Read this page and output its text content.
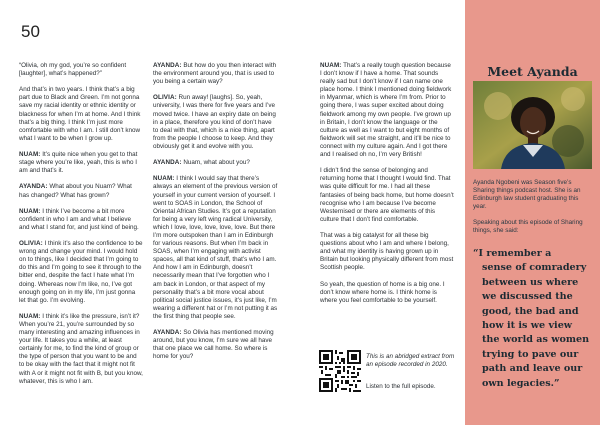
50

“Olivia, oh my god, you’re so confident [laughter], what’s happened?”

And that’s in two years. I think that’s a big part due to Black and Green. I’m not gonna save my racial identity or ethnic identity or blackness for when I’m at home. And I think that’s a big thing. I think I’m just more comfortable with who I am. I still don’t know what I want to be when I grow up.

NUAM: It’s quite nice when you get to that stage where you’re like, yeah, this is who I am and that’s it.

AYANDA: What about you Nuam? What has changed? What has grown?

NUAM: I think I’ve become a bit more confident in who I am and what I believe and what I stand for, and just kind of being.

OLIVIA: I think it’s also the confidence to be wrong and change your mind. I would hold on to things, like I decided that I’m going to do this and I’m going to see it through to the bitter end, despite the fact I hate what I’m doing. Whereas now I’m like, no, I’ve got enough going on in my life, I’m just gonna let that go. I’m evolving.

NUAM: I think it’s like the pressure, isn’t it? When you’re 21, you’re surrounded by so many interesting and amazing influences in your life. It takes you a while, at least certainly for me, to find the kind of group or the type of person that you want to be and to be okay with the fact that it might not fit with A or it might not fit with B, but you know, whatever, this is who I am.

AYANDA: But how do you then interact with the environment around you, that is used to you being a certain way?

OLIVIA: Run away! [laughs]. So, yeah, university, I was there for five years and I’ve moved twice. I have an expiry date on being in a place, therefore you kind of don’t have to deal with that, which is a nice thing, apart from the people I choose to keep. And they obviously get it and evolve with you.

AYANDA: Nuam, what about you?

NUAM: I think I would say that there’s always an element of the previous version of yourself in your current version of yourself. I went to SOAS in London, the School of Oriental African Studies. It’s got a reputation for being a very left wing radical University, which I love, love, love, love, love. But there I’m more outspoken than I am in Edinburgh for various reasons. But when I’m back in SOAS, when I’m engaging with activist spaces, all that kind of stuff, that’s who I am. And how I am in Edinburgh, doesn’t necessarily mean that I’ve forgotten who I am back in London, or that aspect of my personality that’s a bit more vocal about political social justice issues, it’s just like, I’m wearing a different hat or I’m not putting it as the first thing that people see.

AYANDA: So Olivia has mentioned moving around, but you know, I’m sure we all have that one place we call home. So where is home for you?

NUAM: That’s a really tough question because I don’t know if I have a home. That sounds really sad but I don’t know if I can name one place home. I think I mentioned doing fieldwork in Myanmar, which is where I’m from. Prior to going there, I was super excited about doing fieldwork among my own people. I’ve grown up in Britain, I don’t know the language or the culture as well as I want to but eight months of fieldwork will set me straight, and it’ll be nice to connect with my culture again. And I got there and I realised oh no, I’m very British!

I didn’t find the sense of belonging and returning home that I thought I would find. That was quite difficult for me. I had all these fantasies of being back home, but home doesn’t recognise who I am because I’ve become Westernised or there are elements of this culture that I don’t find comfortable.

That was a big catalyst for all these big questions about who I am and where I belong, and what my identity is having grown up in Britain but looking physically different from most Scottish people.

So yeah, the question of home is a big one. I don’t know where home is. I think home is where you feel comfortable to be yourself.

This is an abridged extract from an episode recorded in 2020.
Listen to the full episode.
Meet Ayanda
Ayanda Ngobeni was Season five’s Sharing things podcast host. She is an Edinburgh law student graduating this year.
Speaking about this episode of Sharing things, she said:
“I remember a
sense of comradery
between us where
we discussed the
good, the bad and
how it is we view
the world as women
trying to pave our
path and leave our
own legacies.”
